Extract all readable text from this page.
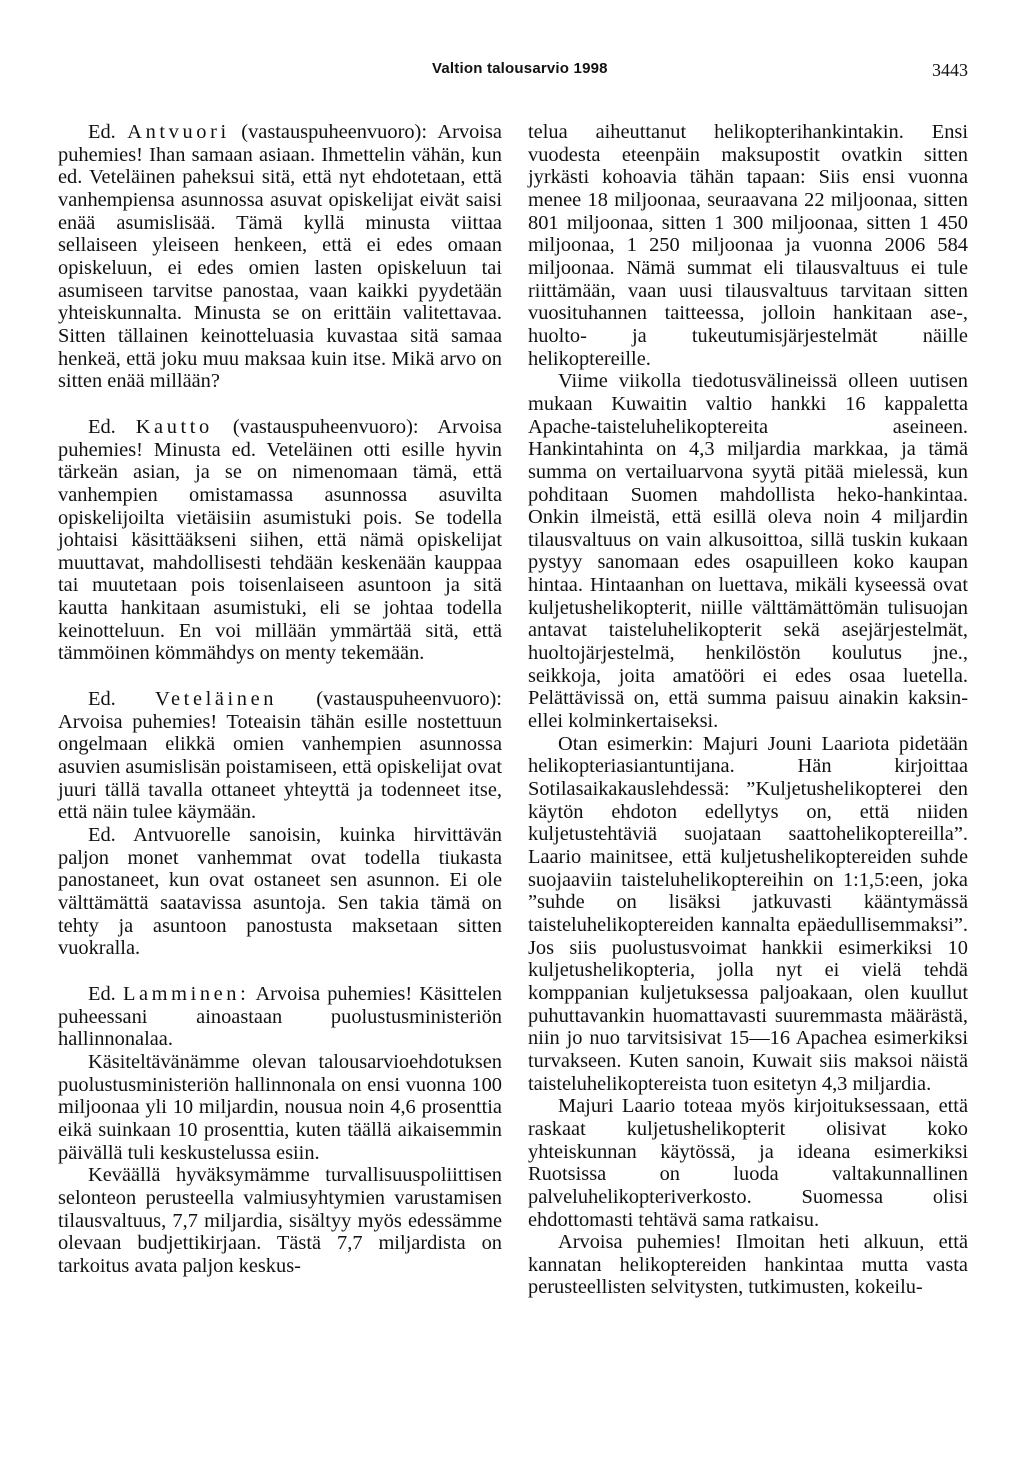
Valtion talousarvio 1998	3443

Ed. Antvuori (vastauspuheenvuoro): Arvoisa puhemies! Ihan samaan asiaan. Ihmettelin vähän, kun ed. Veteläinen paheksui sitä, että nyt ehdotetaan, että vanhempiensa asunnossa asuvat opiskelijat eivät saisi enää asumislisää. Tämä kyllä minusta viittaa sellaiseen yleiseen henkeen, että ei edes omaan opiskeluun, ei edes omien lasten opiskeluun tai asumiseen tarvitse panostaa, vaan kaikki pyydetään yhteiskunnalta. Minusta se on erittäin valitettavaa. Sitten tällainen keinotteluasia kuvastaa sitä samaa henkeä, että joku muu maksaa kuin itse. Mikä arvo on sitten enää millään?

Ed. Kautto (vastauspuheenvuoro): Arvoisa puhemies! Minusta ed. Veteläinen otti esille hyvin tärkeän asian, ja se on nimenomaan tämä, että vanhempien omistamassa asunnossa asuvilta opiskelijoilta vietäisiin asumistuki pois. Se todella johtaisi käsittääkseni siihen, että nämä opiskelijat muuttavat, mahdollisesti tehdään keskenään kauppaa tai muutetaan pois toisenlaiseen asuntoon ja sitä kautta hankitaan asumistuki, eli se johtaa todella keinotteluun. En voi millään ymmärtää sitä, että tämmöinen kömmähdys on menty tekemään.

Ed. Veteläinen (vastauspuheenvuoro): Arvoisa puhemies! Toteaisin tähän esille nostettuun ongelmaan elikkä omien vanhempien asunnossa asuvien asumislisän poistamiseen, että opiskelijat ovat juuri tällä tavalla ottaneet yhteyttä ja todenneet itse, että näin tulee käymään.

Ed. Antvuorelle sanoisin, kuinka hirvittävän paljon monet vanhemmat ovat todella tiukasta panostaneet, kun ovat ostaneet sen asunnon. Ei ole välttämättä saatavissa asuntoja. Sen takia tämä on tehty ja asuntoon panostusta maksetaan sitten vuokralla.

Ed. Lamminen: Arvoisa puhemies! Käsittelen puheessani ainoastaan puolustusministeriön hallinnonalaa.

Käsiteltävänämme olevan talousarvioehdotuksen puolustusministeriön hallinnonala on ensi vuonna 100 miljoonaa yli 10 miljardin, nousua noin 4,6 prosenttia eikä suinkaan 10 prosenttia, kuten täällä aikaisemmin päivällä tuli keskustelussa esiin.

Keväällä hyväksymämme turvallisuuspoliittisen selonteon perusteella valmiusyhtymien varustamisen tilausvaltuus, 7,7 miljardia, sisältyy myös edessämme olevaan budjettikirjaan. Tästä 7,7 miljardista on tarkoitus avata paljon keskus-

telua aiheuttanut helikopterihankintakin. Ensi vuodesta eteenpäin maksupostit ovatkin sitten jyrkästi kohoavia tähän tapaan: Siis ensi vuonna menee 18 miljoonaa, seuraavana 22 miljoonaa, sitten 801 miljoonaa, sitten 1 300 miljoonaa, sitten 1 450 miljoonaa, 1 250 miljoonaa ja vuonna 2006 584 miljoonaa. Nämä summat eli tilausvaltuus ei tule riittämään, vaan uusi tilausvaltuus tarvitaan sitten vuosituhannen taitteessa, jolloin hankitaan ase-, huolto- ja tukeutumisjärjestelmät näille helikoptereille.

Viime viikolla tiedotusvälineissä olleen uutisen mukaan Kuwaitin valtio hankki 16 kappaletta Apache-taisteluhelikoptereita aseineen. Hankintahinta on 4,3 miljardia markkaa, ja tämä summa on vertailuarvona syytä pitää mielessä, kun pohditaan Suomen mahdollista heko-hankintaa. Onkin ilmeistä, että esillä oleva noin 4 miljardin tilausvaltuus on vain alkusoittoa, sillä tuskin kukaan pystyy sanomaan edes osapuilleen koko kaupan hintaa. Hintaanhan on luettava, mikäli kyseessä ovat kuljetushelikopterit, niille välttämättömän tulisuojan antavat taisteluhelikopterit sekä asejärjestelmät, huoltojärjestelmä, henkilöstön koulutus jne., seikkoja, joita amatööri ei edes osaa luetella. Pelättävissä on, että summa paisuu ainakin kaksin- ellei kolminkertaiseksi.

Otan esimerkin: Majuri Jouni Laariota pidetään helikopteriasiantuntijana. Hän kirjoittaa Sotilasaikakauslehdessä: ”Kuljetushelikopterei den käytön ehdoton edellytys on, että niiden kuljetustehtäviä suojataan saattohelikoptereilla”. Laario mainitsee, että kuljetushelikoptereiden suhde suojaaviin taisteluhelikoptereihin on 1:1,5:een, joka ”suhde on lisäksi jatkuvasti kääntymässä taisteluhelikoptereiden kannalta epäedullisemmaksi”. Jos siis puolustusvoimat hankkii esimerkiksi 10 kuljetushelikopteria, jolla nyt ei vielä tehdä komppanian kuljetuksessa paljoakaan, olen kuullut puhuttavankin huomattavasti suuremmasta määrästä, niin jo nuo tarvitsisivat 15—16 Apachea esimerkiksi turvakseen. Kuten sanoin, Kuwait siis maksoi näistä taisteluhelikoptereista tuon esitetyn 4,3 miljardia.

Majuri Laario toteaa myös kirjoituksessaan, että raskaat kuljetushelikopterit olisivat koko yhteiskunnan käytössä, ja ideana esimerkiksi Ruotsissa on luoda valtakunnallinen palveluhelikopteriverkosto. Suomessa olisi ehdottomasti tehtävä sama ratkaisu.

Arvoisa puhemies! Ilmoitan heti alkuun, että kannatan helikoptereiden hankintaa mutta vasta perusteellisten selvitysten, tutkimusten, kokeilu-
